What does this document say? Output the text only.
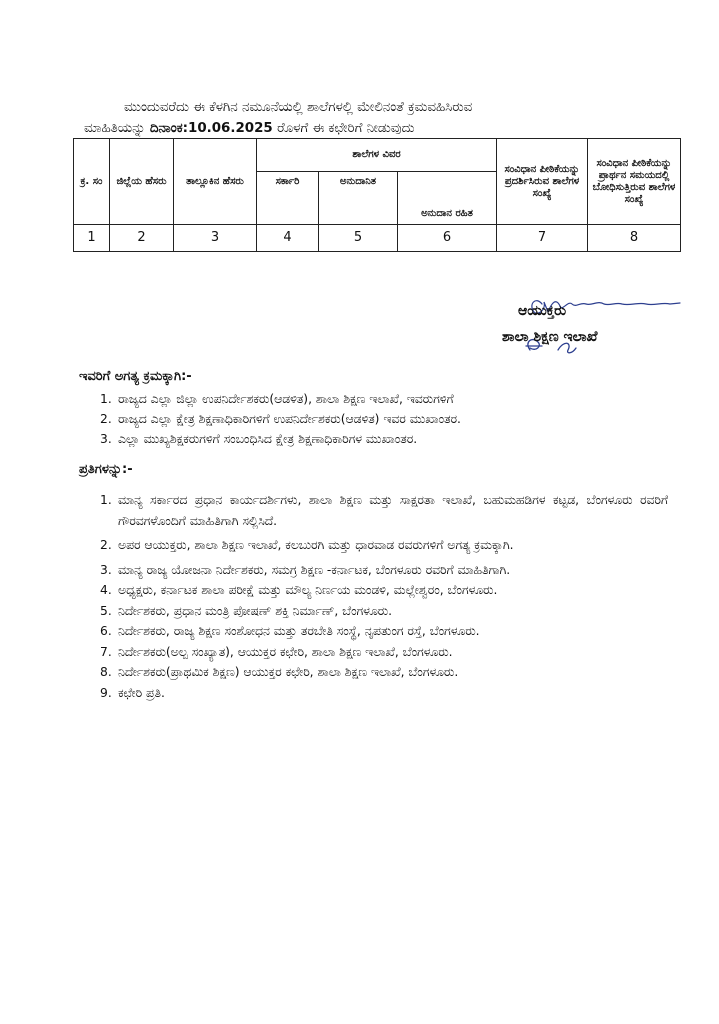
ಮುಂದುವರೆದು ಈ ಕೆಳಗಿನ ನಮೂನೆಯಲ್ಲಿ ಶಾಲೆಗಳಲ್ಲಿ ಮೇಲಿನಂತೆ ಕ್ರಮವಹಿಸಿರುವ
ಮಾಹಿತಿಯನ್ನು ದಿನಾಂಕ:10.06.2025 ರೊಳಗೆ ಈ ಕಛೇರಿಗೆ ನೀಡುವುದು
ಕ್ರ. ಸಂ	ಜಿಲ್ಲೆಯ ಹೆಸರು	ತಾಲ್ಲೂಕಿನ ಹೆಸರು	ಶಾಲೆಗಳ ವಿವರ			ಸಂವಿಧಾನ ಪೀಠಿಕೆಯನ್ನು ಪ್ರದರ್ಶಿಸಿರುವ ಶಾಲೆಗಳ ಸಂಖ್ಯೆ	ಸಂವಿಧಾನ ಪೀಠಿಕೆಯನ್ನು ಪ್ರಾರ್ಥನ ಸಮಯದಲ್ಲಿ ಬೋಧಿಸುತ್ತಿರುವ ಶಾಲೆಗಳ ಸಂಖ್ಯೆ
			ಸರ್ಕಾರಿ	ಅನುದಾನಿತ	ಅನುದಾನ ರಹಿತ		
1	2	3	4	5	6	7	8
ಆಯುಕ್ತರು
ಶಾಲಾ ಶಿಕ್ಷಣ ಇಲಾಖೆ
ಇವರಿಗೆ ಅಗತ್ಯ ಕ್ರಮಕ್ಕಾಗಿ:-
1. ರಾಜ್ಯದ ಎಲ್ಲಾ ಜಿಲ್ಲಾ ಉಪನಿರ್ದೇಶಕರು(ಆಡಳಿತ), ಶಾಲಾ ಶಿಕ್ಷಣ ಇಲಾಖೆ, ಇವರುಗಳಿಗೆ
2. ರಾಜ್ಯದ ಎಲ್ಲಾ ಕ್ಷೇತ್ರ ಶಿಕ್ಷಣಾಧಿಕಾರಿಗಳಿಗೆ ಉಪನಿರ್ದೇಶಕರು(ಆಡಳಿತ) ಇವರ ಮುಖಾಂತರ.
3. ಎಲ್ಲಾ ಮುಖ್ಯಶಿಕ್ಷಕರುಗಳಿಗೆ ಸಂಬಂಧಿಸಿದ ಕ್ಷೇತ್ರ ಶಿಕ್ಷಣಾಧಿಕಾರಿಗಳ ಮುಖಾಂತರ.
ಪ್ರತಿಗಳನ್ನು:-
1. ಮಾನ್ಯ ಸರ್ಕಾರದ ಪ್ರಧಾನ ಕಾರ್ಯದರ್ಶಿಗಳು, ಶಾಲಾ ಶಿಕ್ಷಣ ಮತ್ತು ಸಾಕ್ಷರತಾ ಇಲಾಖೆ, ಬಹುಮಹಡಿಗಳ ಕಟ್ಟಡ, ಬೆಂಗಳೂರು ರವರಿಗೆ ಗೌರವಗಳೊಂದಿಗೆ ಮಾಹಿತಿಗಾಗಿ ಸಲ್ಲಿಸಿದೆ.
2. ಅಪರ ಆಯುಕ್ತರು, ಶಾಲಾ ಶಿಕ್ಷಣ ಇಲಾಖೆ, ಕಲಬುರಗಿ ಮತ್ತು ಧಾರವಾಡ ರವರುಗಳಿಗೆ ಅಗತ್ಯ ಕ್ರಮಕ್ಕಾಗಿ.
3. ಮಾನ್ಯ ರಾಜ್ಯ ಯೋಜನಾ ನಿರ್ದೇಶಕರು, ಸಮಗ್ರ ಶಿಕ್ಷಣ -ಕರ್ನಾಟಕ, ಬೆಂಗಳೂರು ರವರಿಗೆ ಮಾಹಿತಿಗಾಗಿ.
4. ಅಧ್ಯಕ್ಷರು, ಕರ್ನಾಟಕ ಶಾಲಾ ಪರೀಕ್ಷೆ ಮತ್ತು ಮೌಲ್ಯ ನಿರ್ಣಯ ಮಂಡಳಿ, ಮಲ್ಲೇಶ್ವರಂ, ಬೆಂಗಳೂರು.
5. ನಿರ್ದೇಶಕರು, ಪ್ರಧಾನ ಮಂತ್ರಿ ಪೋಷಣ್ ಶಕ್ತಿ ನಿರ್ಮಾಣ್, ಬೆಂಗಳೂರು.
6. ನಿರ್ದೇಶಕರು, ರಾಜ್ಯ ಶಿಕ್ಷಣ ಸಂಶೋಧನ ಮತ್ತು ತರಬೇತಿ ಸಂಸ್ಥೆ, ನೃಪತುಂಗ ರಸ್ತೆ, ಬೆಂಗಳೂರು.
7. ನಿರ್ದೇಶಕರು(ಅಲ್ಪ ಸಂಖ್ಯಾತ), ಆಯುಕ್ತರ ಕಛೇರಿ, ಶಾಲಾ ಶಿಕ್ಷಣ ಇಲಾಖೆ, ಬೆಂಗಳೂರು.
8. ನಿರ್ದೇಶಕರು(ಪ್ರಾಥಮಿಕ ಶಿಕ್ಷಣ) ಆಯುಕ್ತರ ಕಛೇರಿ, ಶಾಲಾ ಶಿಕ್ಷಣ ಇಲಾಖೆ, ಬೆಂಗಳೂರು.
9. ಕಛೇರಿ ಪ್ರತಿ.
